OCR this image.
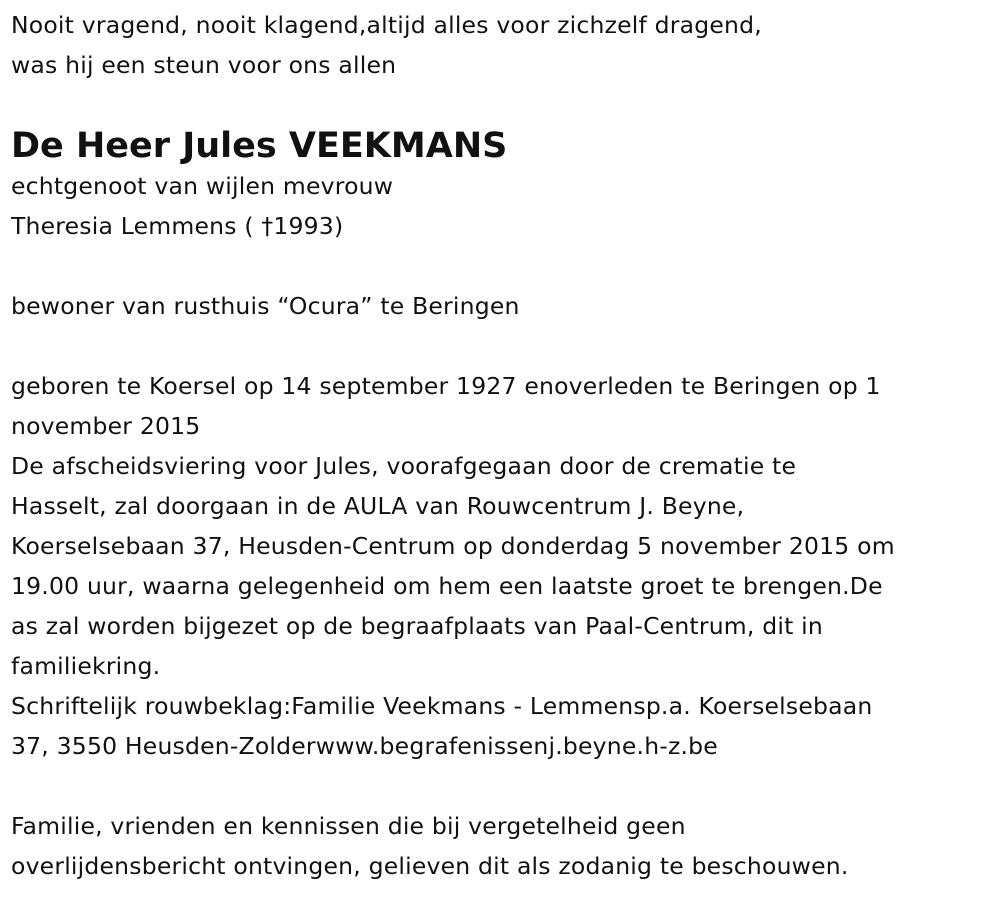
Nooit vragend, nooit klagend,altijd alles voor zichzelf dragend,
was hij een steun voor ons allen
De Heer Jules VEEKMANS
echtgenoot van wijlen mevrouw
Theresia Lemmens ( †1993)
bewoner van rusthuis “Ocura” te Beringen
geboren te Koersel op 14 september 1927 enoverleden te Beringen op 1
november 2015
De afscheidsviering voor Jules, voorafgegaan door de crematie te
Hasselt, zal doorgaan in de AULA van Rouwcentrum J. Beyne,
Koerselsebaan 37, Heusden-Centrum op donderdag 5 november 2015 om
19.00 uur, waarna gelegenheid om hem een laatste groet te brengen.De
as zal worden bijgezet op de begraafplaats van Paal-Centrum, dit in
familiekring.
Schriftelijk rouwbeklag:Familie Veekmans - Lemmensp.a. Koerselsebaan
37, 3550 Heusden-Zolderwww.begrafenissenj.beyne.h-z.be
Familie, vrienden en kennissen die bij vergetelheid geen
overlijdensbericht ontvingen, gelieven dit als zodanig te beschouwen.
